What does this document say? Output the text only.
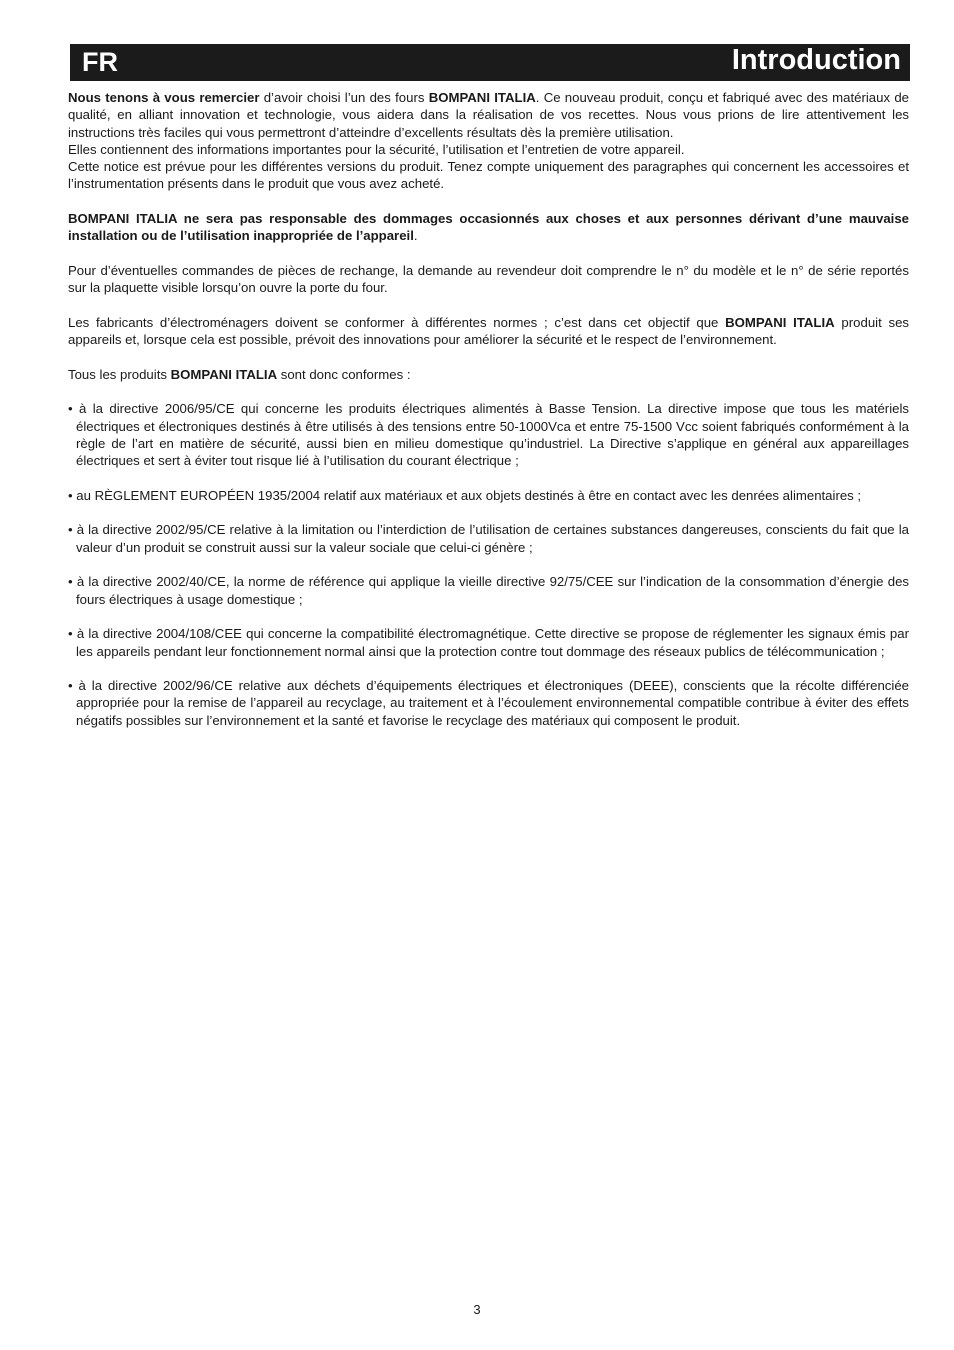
FR	Introduction

Nous tenons à vous remercier d’avoir choisi l’un des fours BOMPANI ITALIA. Ce nouveau produit, conçu et fabriqué avec des matériaux de qualité, en alliant innovation et technologie, vous aidera dans la réalisation de vos recettes. Nous vous prions de lire attentivement les instructions très faciles qui vous permettront d’atteindre d’excellents résultats dès la première utilisation.

Elles contiennent des informations importantes pour la sécurité, l’utilisation et l’entretien de votre appareil.

Cette notice est prévue pour les différentes versions du produit. Tenez compte uniquement des paragraphes qui concernent les accessoires et l’instrumentation présents dans le produit que vous avez acheté.

BOMPANI ITALIA ne sera pas responsable des dommages occasionnés aux choses et aux personnes dérivant d’une mauvaise installation ou de l’utilisation inappropriée de l’appareil.

Pour d’éventuelles commandes de pièces de rechange, la demande au revendeur doit comprendre le n° du modèle et le n° de série reportés sur la plaquette visible lorsqu’on ouvre la porte du four.

Les fabricants d’électroménagers doivent se conformer à différentes normes ; c’est dans cet objectif que BOMPANI ITALIA produit ses appareils et, lorsque cela est possible, prévoit des innovations pour améliorer la sécurité et le respect de l’environnement.

Tous les produits BOMPANI ITALIA sont donc conformes :

• à la directive 2006/95/CE qui concerne les produits électriques alimentés à Basse Tension. La directive impose que tous les matériels électriques et électroniques destinés à être utilisés à des tensions entre 50-1000Vca et entre 75-1500 Vcc soient fabriqués conformément à la règle de l’art en matière de sécurité, aussi bien en milieu domestique qu’industriel. La Directive s’applique en général aux appareillages électriques et sert à éviter tout risque lié à l’utilisation du courant électrique ;
• au RÈGLEMENT EUROPÉEN 1935/2004 relatif aux matériaux et aux objets destinés à être en contact avec les denrées alimentaires ;
• à la directive 2002/95/CE relative à la limitation ou l’interdiction de l’utilisation de certaines substances dangereuses, conscients du fait que la valeur d’un produit se construit aussi sur la valeur sociale que celui-ci génère ;
• à la directive 2002/40/CE, la norme de référence qui applique la vieille directive 92/75/CEE sur l’indication de la consommation d’énergie des fours électriques à usage domestique ;
• à la directive 2004/108/CEE qui concerne la compatibilité électromagnétique. Cette directive se propose de réglementer les signaux émis par les appareils pendant leur fonctionnement normal ainsi que la protection contre tout dommage des réseaux publics de télécommunication ;
• à la directive 2002/96/CE relative aux déchets d’équipements électriques et électroniques (DEEE), conscients que la récolte différenciée appropriée pour la remise de l’appareil au recyclage, au traitement et à l’écoulement environnemental compatible contribue à éviter des effets négatifs possibles sur l’environnement et la santé et favorise le recyclage des matériaux qui composent le produit.
3
